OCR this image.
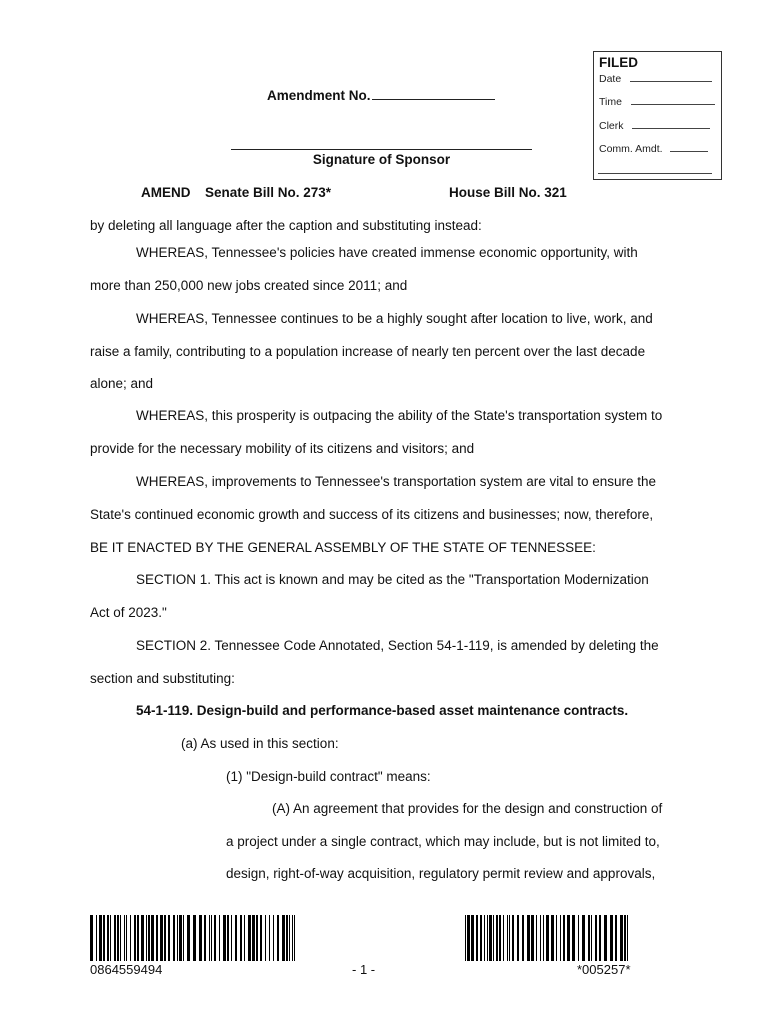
FILED
Date
Time
Clerk
Comm. Amdt.
Amendment No.
Signature of Sponsor
AMEND Senate Bill No. 273*	House Bill No. 321
by deleting all language after the caption and substituting instead:
WHEREAS, Tennessee's policies have created immense economic opportunity, with
more than 250,000 new jobs created since 2011; and
WHEREAS, Tennessee continues to be a highly sought after location to live, work, and
raise a family, contributing to a population increase of nearly ten percent over the last decade
alone; and
WHEREAS, this prosperity is outpacing the ability of the State's transportation system to
provide for the necessary mobility of its citizens and visitors; and
WHEREAS, improvements to Tennessee's transportation system are vital to ensure the
State's continued economic growth and success of its citizens and businesses; now, therefore,
BE IT ENACTED BY THE GENERAL ASSEMBLY OF THE STATE OF TENNESSEE:
SECTION 1. This act is known and may be cited as the "Transportation Modernization
Act of 2023."
SECTION 2. Tennessee Code Annotated, Section 54-1-119, is amended by deleting the
section and substituting:
54-1-119. Design-build and performance-based asset maintenance contracts.
(a) As used in this section:
(1) "Design-build contract" means:
(A) An agreement that provides for the design and construction of
a project under a single contract, which may include, but is not limited to,
design, right-of-way acquisition, regulatory permit review and approvals,
0864559494	- 1 -	*005257*
